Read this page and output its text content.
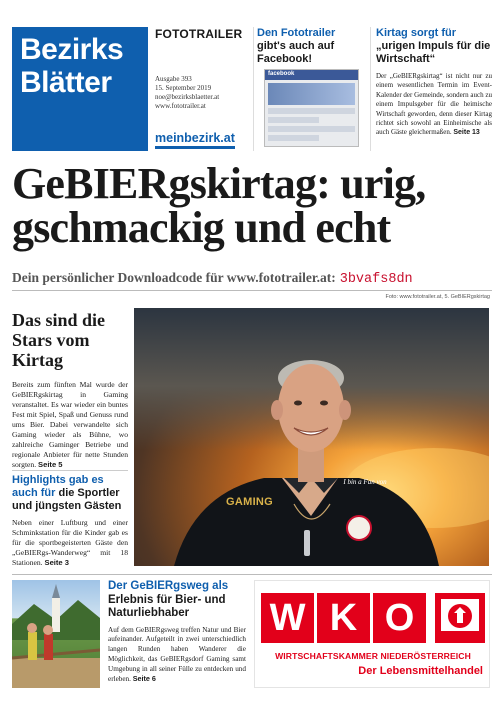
Bezirks
Blätter
FOTOTRAILER
Ausgabe 393
15. September 2019
noe@bezirksblaetter.at
www.fototrailer.at
meinbezirk.at
Den Fototrailer
gibt's auch auf Facebook!
facebook
Kirtag sorgt für
„urigen Impuls für die Wirtschaft“
Der „GeBIERgskirtag“ ist nicht nur zu einem wesentlichen Termin im Event-Kalender der Gemeinde, sondern auch zu einem Impulsgeber für die heimische Wirtschaft geworden, denn dieser Kirtag richtet sich sowohl an Einheimische als auch Gäste gleichermaßen. Seite 13
GeBIERgskirtag: urig,
gschmackig und echt
Dein persönlicher Downloadcode für www.fototrailer.at: 3bvafs8dn
Foto: www.fototrailer.at, 5. GeBIERgskirtag
Das sind die Stars vom Kirtag
Bereits zum fünften Mal wurde der GeBIERgskirtag in Gaming veranstaltet. Es war wieder ein buntes Fest mit Spiel, Spaß und Genuss rund ums Bier. Dabei verwandelte sich Gaming wieder als Bühne, wo zahlreiche Gaminger Betriebe und regionale Anbieter für nette Stunden sorgten. Seite 5
Highlights gab es auch für die Sportler und jüngsten Gästen
Neben einer Luftburg und einer Schminkstation für die Kinder gab es für die sportbegeisterten Gäste den „GeBIERgs-Wanderweg“ mit 18 Stationen. Seite 3
GAMING
I bin a Fan von
Der GeBIERgsweg als Erlebnis für Bier- und Naturliebhaber
Auf dem GeBIERgsweg treffen Natur und Bier aufeinander. Aufgeteilt in zwei unterschiedlich langen Runden haben Wanderer die Möglichkeit, das GeBIERgsdorf Gaming samt Umgebung in all seiner Fülle zu entdecken und erleben. Seite 6
W K O
WIRTSCHAFTSKAMMER NIEDERÖSTERREICH
Der Lebensmittelhandel
